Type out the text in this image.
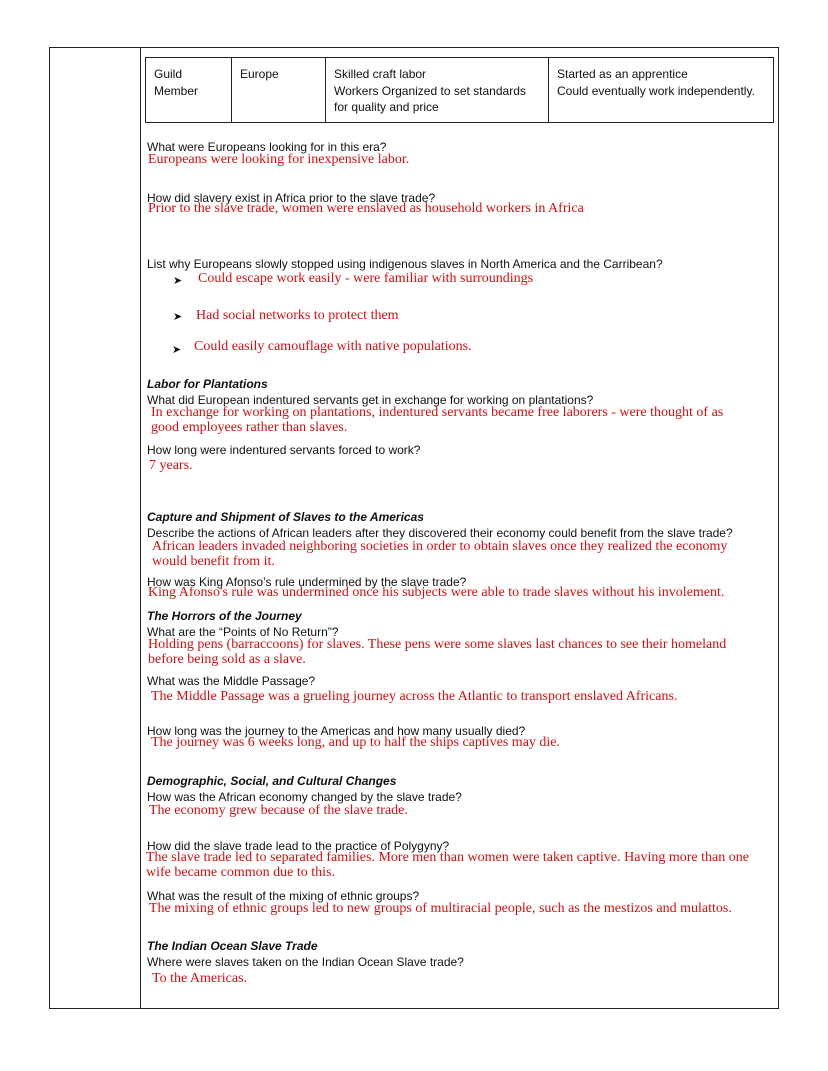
Guild
Member
Europe	Skilled craft labor
Workers Organized to set standards
for quality and price
Started as an apprentice
Could eventually work independently.

What were Europeans looking for in this era?

Europeans were looking for inexpensive labor.

How did slavery exist in Africa prior to the slave trade?

Prior to the slave trade, women were enslaved as household workers in Africa

List why Europeans slowly stopped using indigenous slaves in North America and the Carribean?

➤ Could escape work easily - were familiar with surroundings

➤ Had social networks to protect them

➤ Could easily camouflage with native populations.

Labor for Plantations

What did European indentured servants get in exchange for working on plantations?

In exchange for working on plantations, indentured servants became free laborers - were thought of as good employees rather than slaves.

How long were indentured servants forced to work?

7 years.

Capture and Shipment of Slaves to the Americas

Describe the actions of African leaders after they discovered their economy could benefit from the slave trade?

African leaders invaded neighboring societies in order to obtain slaves once they realized the economy would benefit from it.

How was King Afonso’s rule undermined by the slave trade?

King Afonso's rule was undermined once his subjects were able to trade slaves without his involement.

The Horrors of the Journey

What are the “Points of No Return”?

Holding pens (barraccoons) for slaves. These pens were some slaves last chances to see their homeland before being sold as a slave.

What was the Middle Passage?

The Middle Passage was a grueling journey across the Atlantic to transport enslaved Africans.

How long was the journey to the Americas and how many usually died?

The journey was 6 weeks long, and up to half the ships captives may die.

Demographic, Social, and Cultural Changes

How was the African economy changed by the slave trade?

The economy grew because of the slave trade.

How did the slave trade lead to the practice of Polygyny?

The slave trade led to separated families. More men than women were taken captive. Having more than one wife became common due to this.

What was the result of the mixing of ethnic groups?

The mixing of ethnic groups led to new groups of multiracial people, such as the mestizos and mulattos.

The Indian Ocean Slave Trade

Where were slaves taken on the Indian Ocean Slave trade?

To the Americas.
